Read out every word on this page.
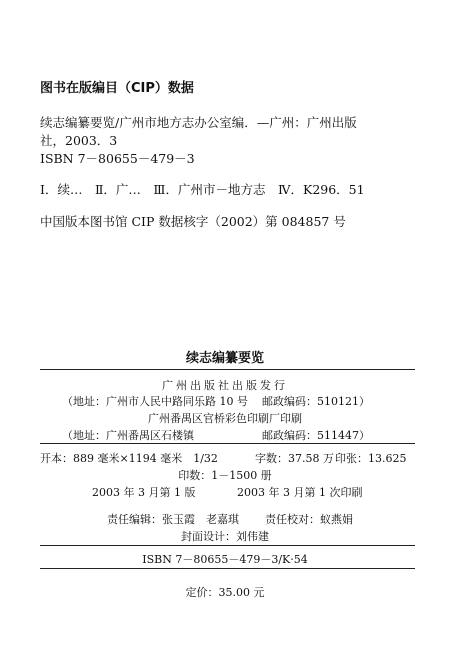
图书在版编目（CIP）数据
续志编纂要览/广州市地方志办公室编．—广州：广州出版
社，2003．3
ISBN 7－80655－479－3
Ⅰ．续…　Ⅱ．广…　Ⅲ．广州市－地方志　Ⅳ．K296．51
中国版本图书馆 CIP 数据核字（2002）第 084857 号
续志编纂要览
广州出版社出版发行
（地址：广州市人民中路同乐路 10 号 邮政编码：510121）
广州番禺区官桥彩色印刷厂印刷
（地址：广州番禺区石楼镇	邮政编码：511447）
开本：889 毫米×1194 毫米　1/32	字数：37.58 万 印张：13.625
印数：1－1500 册
2003 年 3 月第 1 版	2003 年 3 月第 1 次印刷
责任编辑：张玉霞　老嘉琪 责任校对：蚁燕娟
封面设计：刘伟建
ISBN 7－80655－479－3/K·54
定价：35.00 元
